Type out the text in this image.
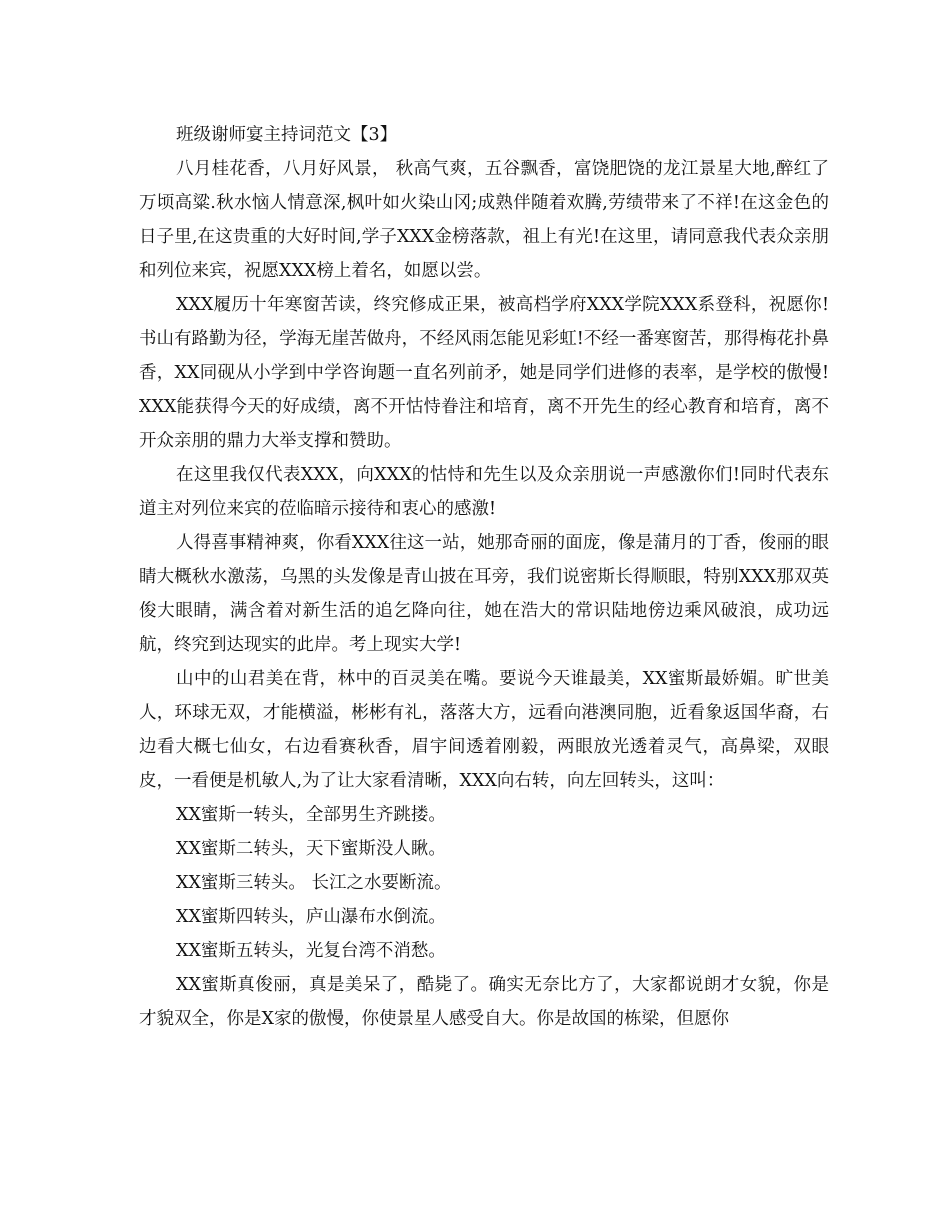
班级谢师宴主持词范文【3】

八月桂花香，八月好风景， 秋高气爽，五谷飘香，富饶肥饶的龙江景星大地,醉红了万顷高粱.秋水恼人情意深,枫叶如火染山冈;成熟伴随着欢腾,劳绩带来了不祥!在这金色的日子里,在这贵重的大好时间,学子XXX金榜落款，祖上有光!在这里，请同意我代表众亲朋和列位来宾，祝愿XXX榜上着名，如愿以尝。

XXX履历十年寒窗苦读，终究修成正果，被高档学府XXX学院XXX系登科，祝愿你!书山有路勤为径，学海无崖苦做舟，不经风雨怎能见彩虹!不经一番寒窗苦，那得梅花扑鼻香，XX同砚从小学到中学咨询题一直名列前矛，她是同学们进修的表率，是学校的傲慢!XXX能获得今天的好成绩，离不开怙恃眷注和培育，离不开先生的经心教育和培育，离不开众亲朋的鼎力大举支撑和赞助。

在这里我仅代表XXX，向XXX的怙恃和先生以及众亲朋说一声感激你们!同时代表东道主对列位来宾的莅临暗示接待和衷心的感激!

人得喜事精神爽，你看XXX往这一站，她那奇丽的面庞，像是蒲月的丁香，俊丽的眼睛大概秋水激荡，乌黑的头发像是青山披在耳旁，我们说密斯长得顺眼，特别XXX那双英俊大眼睛，满含着对新生活的追乞降向往，她在浩大的常识陆地傍边乘风破浪，成功远航，终究到达现实的此岸。考上现实大学!

山中的山君美在背，林中的百灵美在嘴。要说今天谁最美，XX蜜斯最娇媚。旷世美人，环球无双，才能横溢，彬彬有礼，落落大方，远看向港澳同胞，近看象返国华裔，右边看大概七仙女，右边看赛秋香，眉宇间透着刚毅，两眼放光透着灵气，高鼻梁，双眼皮，一看便是机敏人,为了让大家看清晰，XXX向右转，向左回转头，这叫：

XX蜜斯一转头，全部男生齐跳搂。

XX蜜斯二转头，天下蜜斯没人瞅。

XX蜜斯三转头。 长江之水要断流。

XX蜜斯四转头，庐山瀑布水倒流。

XX蜜斯五转头，光复台湾不消愁。

XX蜜斯真俊丽，真是美呆了，酷毙了。确实无奈比方了，大家都说朗才女貌，你是才貌双全，你是X家的傲慢，你使景星人感受自大。你是故国的栋梁，但愿你
